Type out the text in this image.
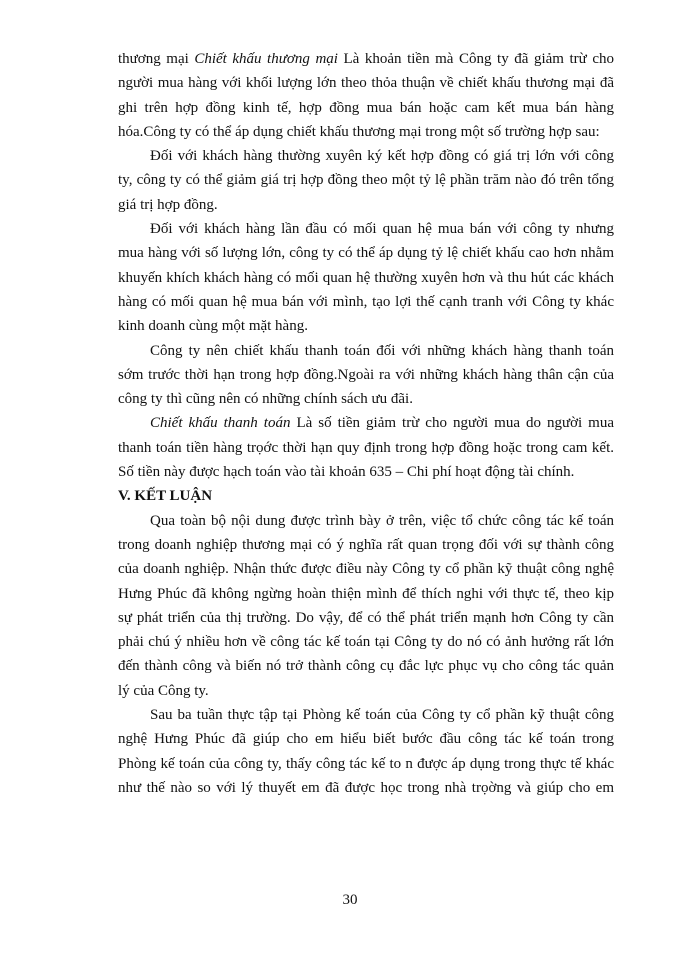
thương mại Chiết khấu thương mại Là khoản tiền mà Công ty đã giảm trừ cho
người mua hàng với khối lượng lớn theo thỏa thuận về chiết khấu thương mại đã
ghi trên hợp đồng kinh tế, hợp đồng mua bán hoặc cam kết mua bán hàng
hóa.Công ty có thể áp dụng chiết khấu thương mại trong một số trường hợp sau:
Đối với khách hàng thường xuyên ký kết hợp đồng có giá trị lớn với công
ty, công ty có thể giảm giá trị hợp đồng theo một tỷ lệ phần trăm nào đó trên tổng
giá trị hợp đồng.
Đối với khách hàng lần đầu có mối quan hệ mua bán với công ty nhưng
mua hàng với số lượng lớn, công ty có thể áp dụng tỷ lệ chiết khấu cao hơn nhằm
khuyến khích khách hàng có mối quan hệ thường xuyên hơn và thu hút các khách
hàng có mối quan hệ mua bán với mình, tạo lợi thế cạnh tranh với Công ty khác
kinh doanh cùng một mặt hàng.
Công ty nên chiết khấu thanh toán đối với những khách hàng thanh toán
sớm trước thời hạn trong hợp đồng.Ngoài ra với những khách hàng thân cận của
công ty thì cũng nên có những chính sách ưu đãi.
Chiết khấu thanh toán Là số tiền giảm trừ cho người mua do người mua
thanh toán tiền hàng trọớc thời hạn quy định trong hợp đồng hoặc trong cam kết.
Số tiền này được hạch toán vào tài khoản 635 – Chi phí hoạt động tài chính.
V. KẾT LUẬN
Qua toàn bộ nội dung được trình bày ở trên, việc tổ chức công tác kế toán
trong doanh nghiệp thương mại có ý nghĩa rất quan trọng đối với sự thành công
của doanh nghiệp. Nhận thức được điều này Công ty cổ phần kỹ thuật công nghệ
Hưng Phúc đã không ngừng hoàn thiện mình để thích nghi với thực tế, theo kịp
sự phát triển của thị trường. Do vậy, để có thể phát triển mạnh hơn Công ty cần
phải chú ý nhiều hơn về công tác kế toán tại Công ty do nó có ảnh hưởng rất lớn
đến thành công và biến nó trở thành công cụ đắc lực phục vụ cho công tác quản
lý của Công ty.
Sau ba tuần thực tập tại Phòng kế toán của Công ty cổ phần kỹ thuật công
nghệ Hưng Phúc đã giúp cho em hiểu biết bước đầu công tác kế toán trong
Phòng kế toán của công ty, thấy công tác kế to n được áp dụng trong thực tế khác
như thế nào so với lý thuyết em đã được học trong nhà trọờng và giúp cho em
30
